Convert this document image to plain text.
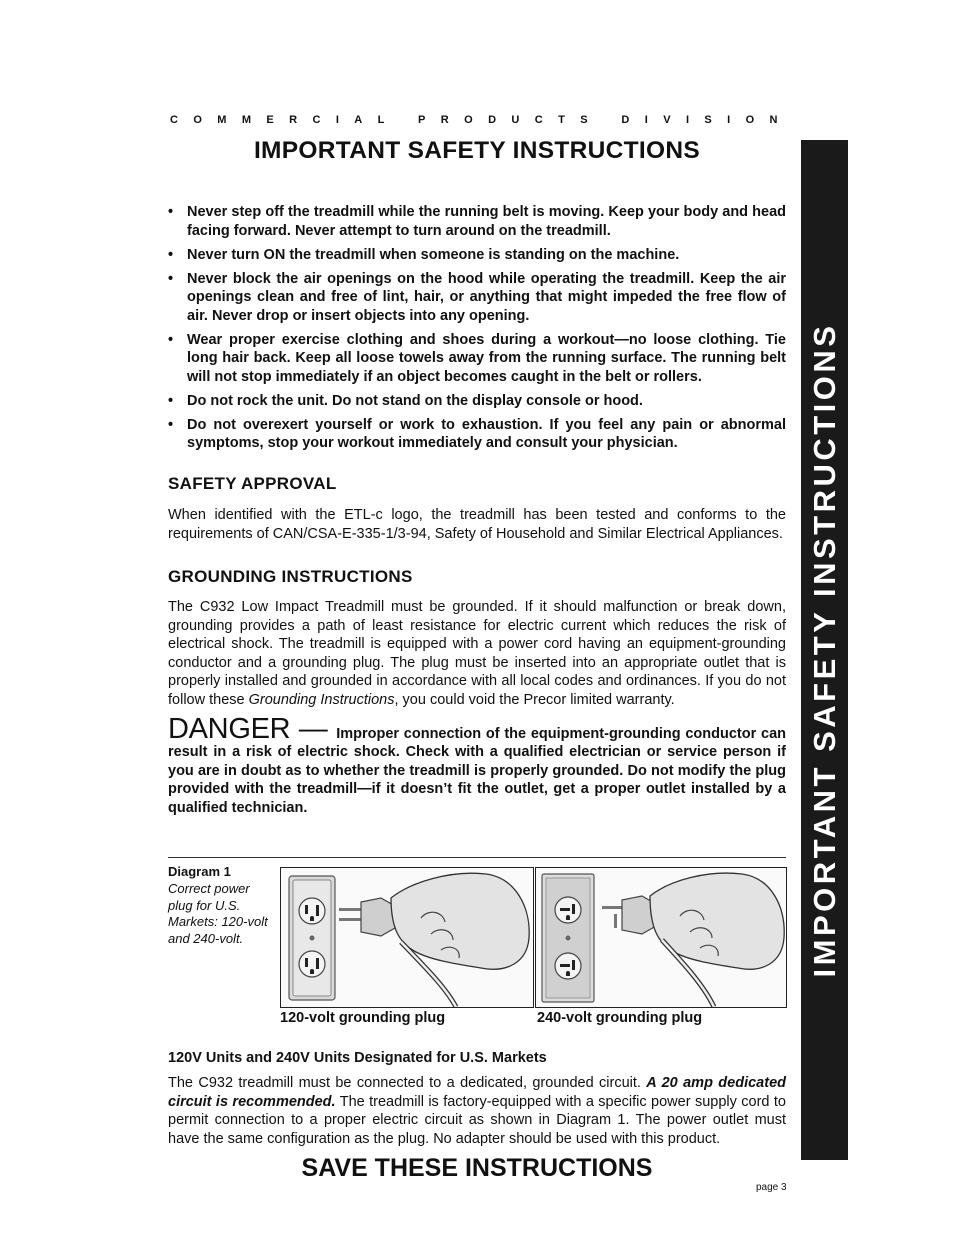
COMMERCIAL PRODUCTS DIVISION
IMPORTANT SAFETY INSTRUCTIONS
IMPORTANT SAFETY INSTRUCTIONS
• Never step off the treadmill while the running belt is moving. Keep your body and head facing forward. Never attempt to turn around on the treadmill.
• Never turn ON the treadmill when someone is standing on the machine.
• Never block the air openings on the hood while operating the treadmill. Keep the air openings clean and free of lint, hair, or anything that might impeded the free flow of air. Never drop or insert objects into any opening.
• Wear proper exercise clothing and shoes during a workout—no loose clothing. Tie long hair back. Keep all loose towels away from the running surface. The running belt will not stop immediately if an object becomes caught in the belt or rollers.
• Do not rock the unit. Do not stand on the display console or hood.
• Do not overexert yourself or work to exhaustion. If you feel any pain or abnormal symptoms, stop your workout immediately and consult your physician.
SAFETY APPROVAL

When identified with the ETL-c logo, the treadmill has been tested and conforms to the requirements of CAN/CSA-E-335-1/3-94, Safety of Household and Similar Electrical Appliances.

GROUNDING INSTRUCTIONS

The C932 Low Impact Treadmill must be grounded. If it should malfunction or break down, grounding provides a path of least resistance for electric current which reduces the risk of electrical shock. The treadmill is equipped with a power cord having an equipment-grounding conductor and a grounding plug. The plug must be inserted into an appropriate outlet that is properly installed and grounded in accordance with all local codes and ordinances. If you do not follow these Grounding Instructions, you could void the Precor limited warranty.

DANGER — Improper connection of the equipment-grounding conductor can result in a risk of electric shock. Check with a qualified electrician or service person if you are in doubt as to whether the treadmill is properly grounded. Do not modify the plug provided with the treadmill—if it doesn’t fit the outlet, get a proper outlet installed by a qualified technician.

Diagram 1
Correct power plug for U.S. Markets: 120-volt and 240-volt.
120-volt grounding plug	240-volt grounding plug
120V Units and 240V Units Designated for U.S. Markets

The C932 treadmill must be connected to a dedicated, grounded circuit. A 20 amp dedicated circuit is recommended. The treadmill is factory-equipped with a specific power supply cord to permit connection to a proper electric circuit as shown in Diagram 1. The power outlet must have the same configuration as the plug. No adapter should be used with this product.

SAVE THESE INSTRUCTIONS
page 3
